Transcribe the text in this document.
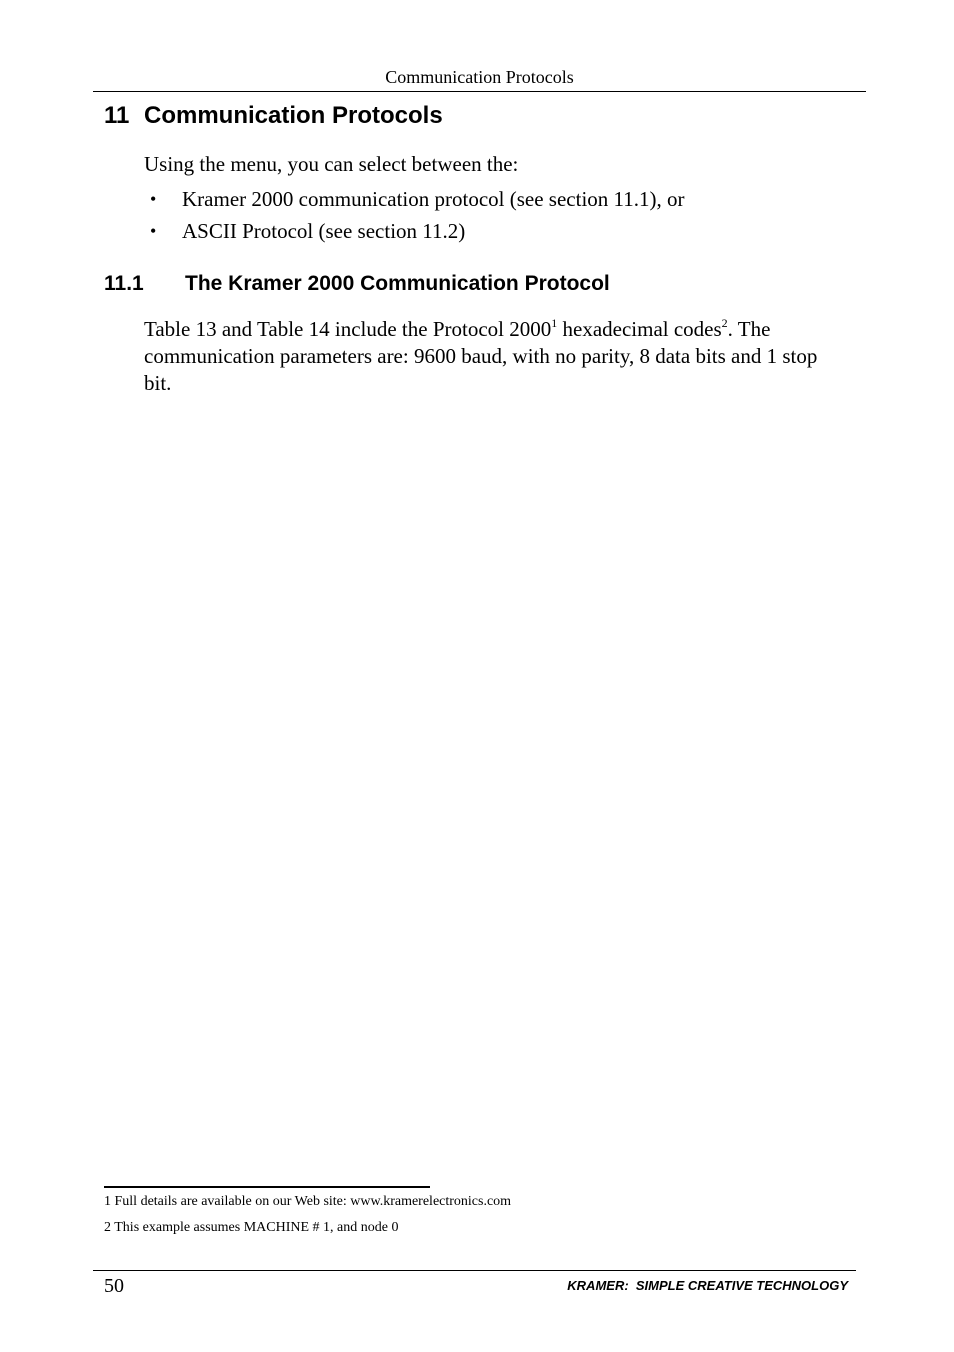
Communication Protocols
11 Communication Protocols

Using the menu, you can select between the:

• Kramer 2000 communication protocol (see section 11.1), or
• ASCII Protocol (see section 11.2)
11.1 The Kramer 2000 Communication Protocol

Table 13 and Table 14 include the Protocol 2000$^1$ hexadecimal codes$^2$. The communication parameters are: 9600 baud, with no parity, 8 data bits and 1 stop bit.

1 Full details are available on our Web site: www.kramerelectronics.com

2 This example assumes MACHINE # 1, and node 0

50	KRAMER:  SIMPLE CREATIVE TECHNOLOGY
